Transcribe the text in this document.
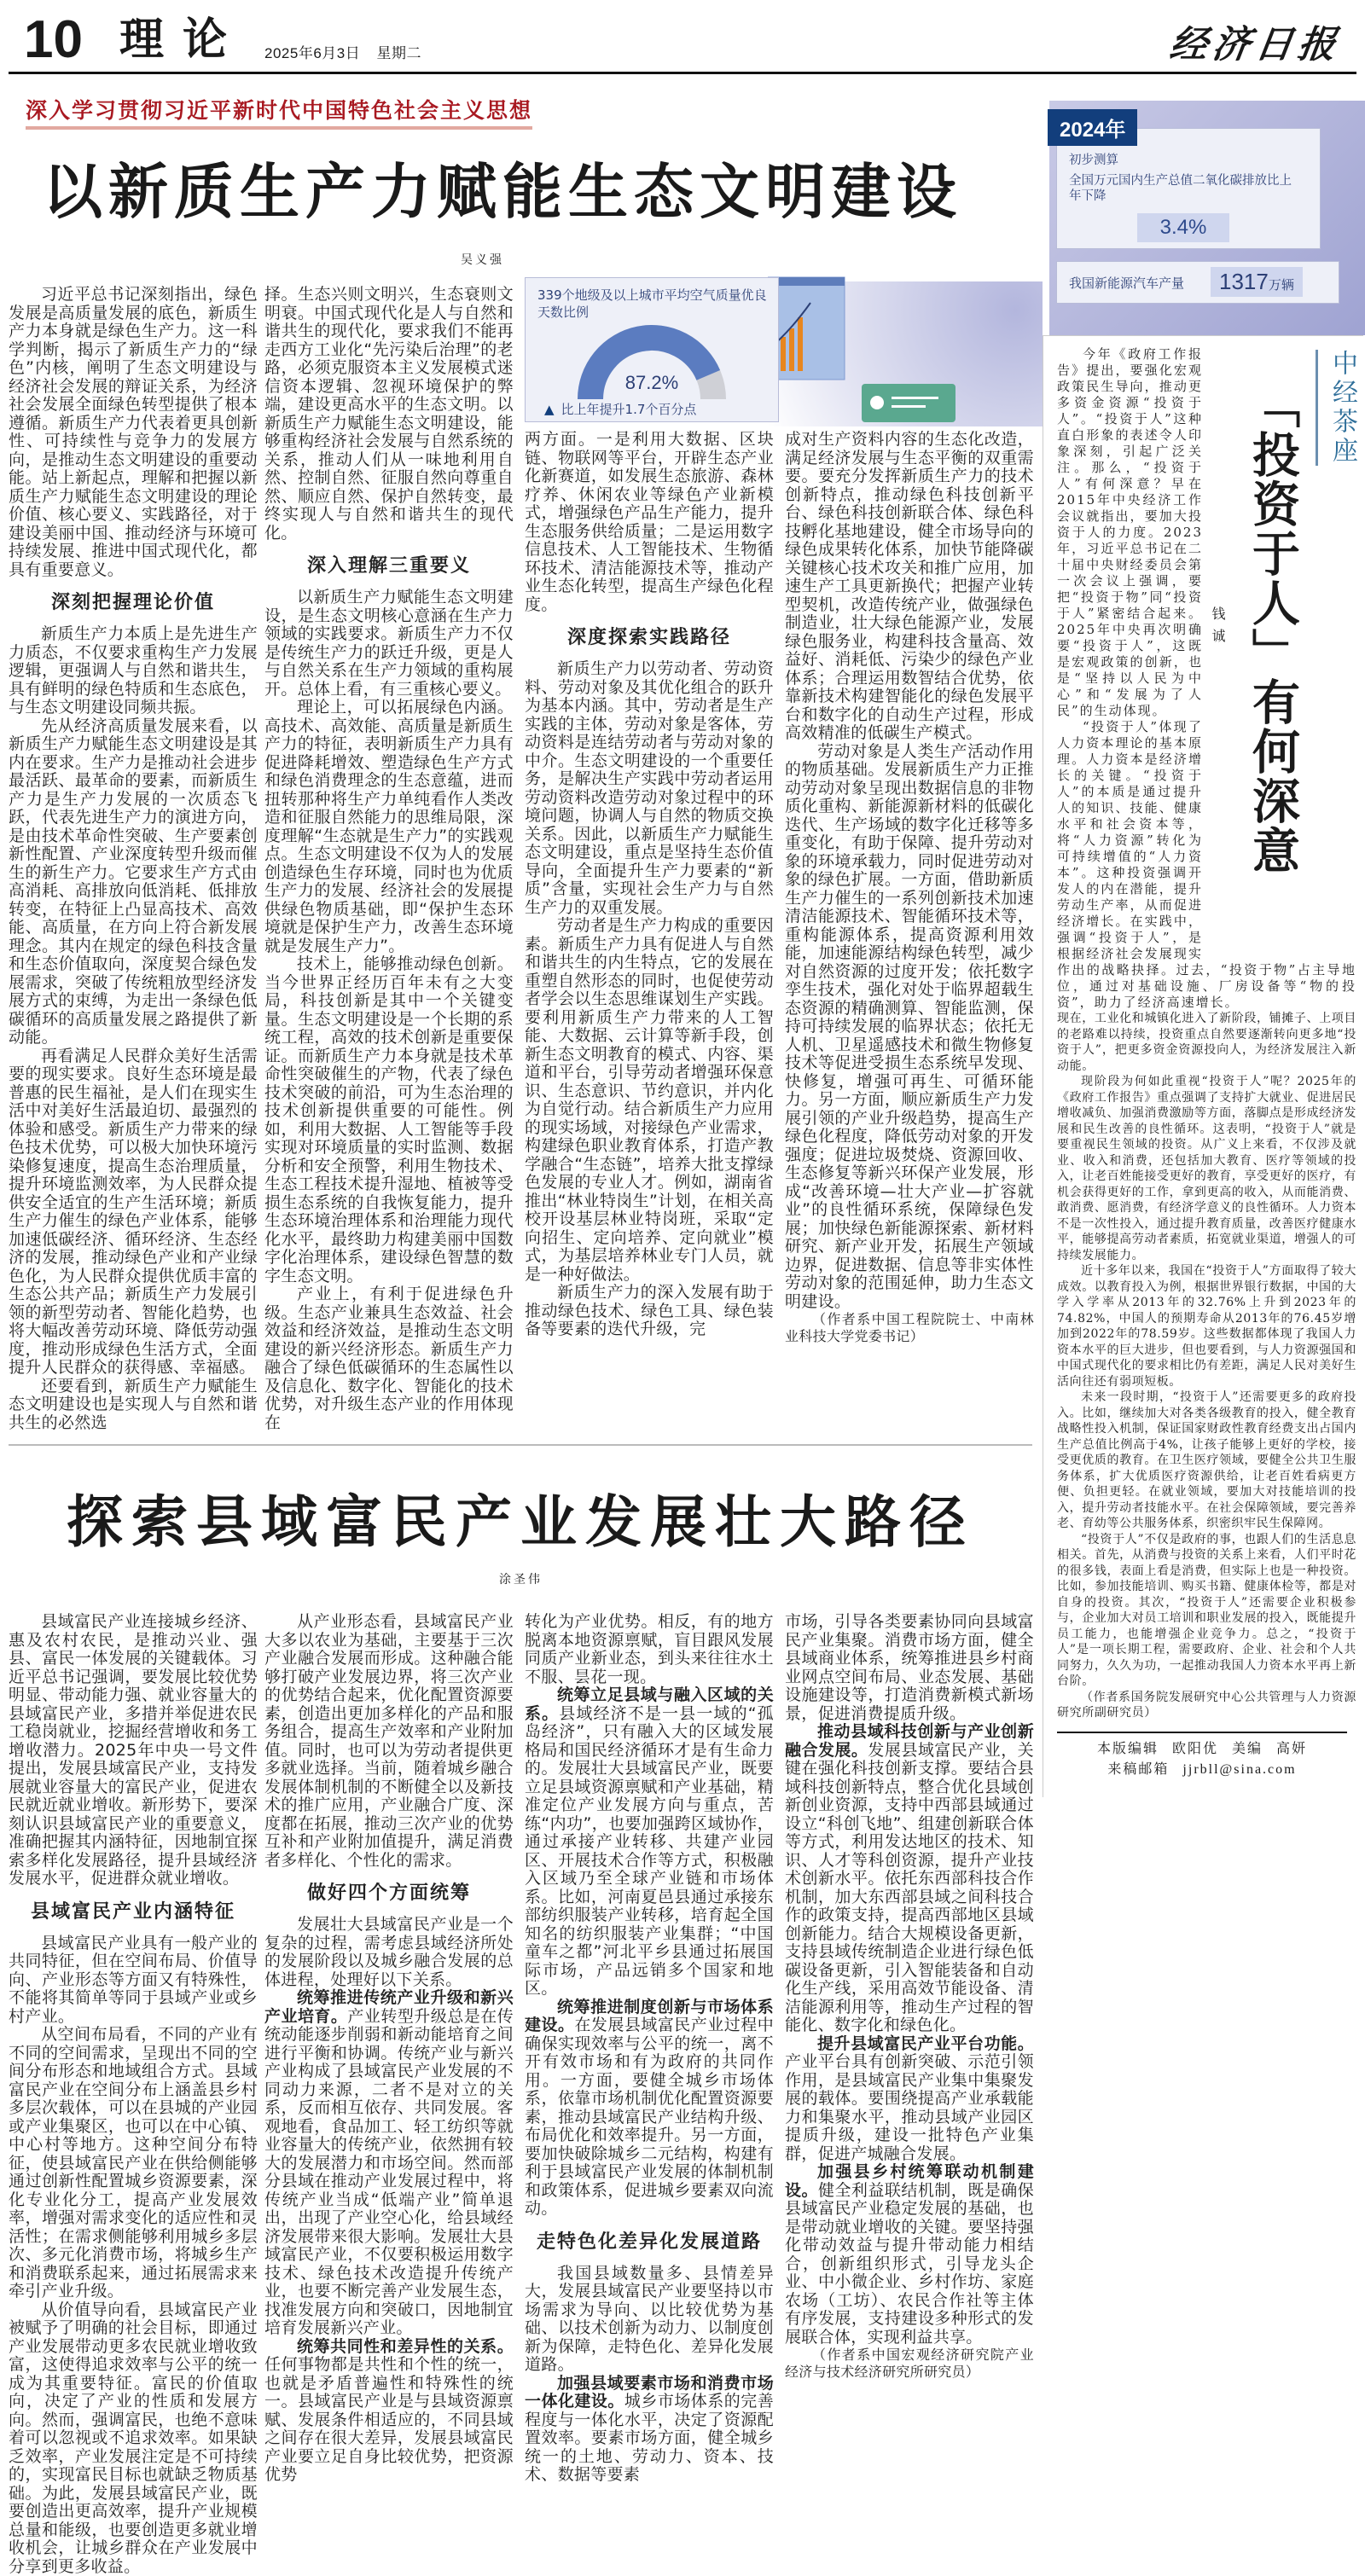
10 理论 2025年6月3日 星期二	经济日报
深入学习贯彻习近平新时代中国特色社会主义思想
以新质生产力赋能生态文明建设
吴义强
初步测算
全国万元国内生产总值二氧化碳排放比上年下降
2024年
3.4%
我国新能源汽车产量	1317万辆
339个地级及以上城市平均空气质量优良天数比例
87.2%
▲ 比上年提升1.7个百分点

习近平总书记深刻指出，绿色发展是高质量发展的底色，新质生产力本身就是绿色生产力。这一科学判断，揭示了新质生产力的“绿色”内核，阐明了生态文明建设与经济社会发展的辩证关系，为经济社会发展全面绿色转型提供了根本遵循。新质生产力代表着更具创新性、可持续性与竞争力的发展方向，是推动生态文明建设的重要动能。站上新起点，理解和把握以新质生产力赋能生态文明建设的理论价值、核心要义、实践路径，对于建设美丽中国、推动经济与环境可持续发展、推进中国式现代化，都具有重要意义。

深刻把握理论价值

新质生产力本质上是先进生产力质态，不仅要求重构生产力发展逻辑，更强调人与自然和谐共生，具有鲜明的绿色特质和生态底色，与生态文明建设同频共振。

先从经济高质量发展来看，以新质生产力赋能生态文明建设是其内在要求。生产力是推动社会进步最活跃、最革命的要素，而新质生产力是生产力发展的一次质态飞跃，代表先进生产力的演进方向，是由技术革命性突破、生产要素创新性配置、产业深度转型升级而催生的新生产力。它要求生产方式由高消耗、高排放向低消耗、低排放转变，在特征上凸显高技术、高效能、高质量，在方向上符合新发展理念。其内在规定的绿色科技含量和生态价值取向，深度契合绿色发展需求，突破了传统粗放型经济发展方式的束缚，为走出一条绿色低碳循环的高质量发展之路提供了新动能。

再看满足人民群众美好生活需要的现实要求。良好生态环境是最普惠的民生福祉，是人们在现实生活中对美好生活最迫切、最强烈的体验和感受。新质生产力带来的绿色技术优势，可以极大加快环境污染修复速度，提高生态治理质量，提升环境监测效率，为人民群众提供安全适宜的生产生活环境；新质生产力催生的绿色产业体系，能够加速低碳经济、循环经济、生态经济的发展，推动绿色产业和产业绿色化，为人民群众提供优质丰富的生态公共产品；新质生产力发展引领的新型劳动者、智能化趋势，也将大幅改善劳动环境、降低劳动强度，推动形成绿色生活方式，全面提升人民群众的获得感、幸福感。

还要看到，新质生产力赋能生态文明建设也是实现人与自然和谐共生的必然选

择。生态兴则文明兴，生态衰则文明衰。中国式现代化是人与自然和谐共生的现代化，要求我们不能再走西方工业化“先污染后治理”的老路，必须克服资本主义发展模式迷信资本逻辑、忽视环境保护的弊端，建设更高水平的生态文明。以新质生产力赋能生态文明建设，能够重构经济社会发展与自然系统的关系，推动人们从一味地利用自然、控制自然、征服自然向尊重自然、顺应自然、保护自然转变，最终实现人与自然和谐共生的现代化。

深入理解三重要义

以新质生产力赋能生态文明建设，是生态文明核心意涵在生产力领域的实践要求。新质生产力不仅是传统生产力的跃迁升级，更是人与自然关系在生产力领域的重构展开。总体上看，有三重核心要义。

理论上，可以拓展绿色内涵。高技术、高效能、高质量是新质生产力的特征，表明新质生产力具有促进降耗增效、塑造绿色生产方式和绿色消费理念的生态意蕴，进而扭转那种将生产力单纯看作人类改造和征服自然能力的思维局限，深度理解“生态就是生产力”的实践观点。生态文明建设不仅为人的发展创造绿色生存环境，同时也为优质生产力的发展、经济社会的发展提供绿色物质基础，即“保护生态环境就是保护生产力，改善生态环境就是发展生产力”。

技术上，能够推动绿色创新。当今世界正经历百年未有之大变局，科技创新是其中一个关键变量。生态文明建设是一个长期的系统工程，高效的技术创新是重要保证。而新质生产力本身就是技术革命性突破催生的产物，代表了绿色技术突破的前沿，可为生态治理的技术创新提供重要的可能性。例如，利用大数据、人工智能等手段实现对环境质量的实时监测、数据分析和安全预警，利用生物技术、生态工程技术提升湿地、植被等受损生态系统的自我恢复能力，提升生态环境治理体系和治理能力现代化水平，最终助力构建美丽中国数字化治理体系，建设绿色智慧的数字生态文明。

产业上，有利于促进绿色升级。生态产业兼具生态效益、社会效益和经济效益，是推动生态文明建设的新兴经济形态。新质生产力融合了绿色低碳循环的生态属性以及信息化、数字化、智能化的技术优势，对升级生态产业的作用体现在

两方面。一是利用大数据、区块链、物联网等平台，开辟生态产业化新赛道，如发展生态旅游、森林疗养、休闲农业等绿色产业新模式，增强绿色产品生产能力，提升生态服务供给质量；二是运用数字信息技术、人工智能技术、生物循环技术、清洁能源技术等，推动产业生态化转型，提高生产绿色化程度。

深度探索实践路径

新质生产力以劳动者、劳动资料、劳动对象及其优化组合的跃升为基本内涵。其中，劳动者是生产实践的主体，劳动对象是客体，劳动资料是连结劳动者与劳动对象的中介。生态文明建设的一个重要任务，是解决生产实践中劳动者运用劳动资料改造劳动对象过程中的环境问题，协调人与自然的物质交换关系。因此，以新质生产力赋能生态文明建设，重点是坚持生态价值导向，全面提升生产力要素的“新质”含量，实现社会生产力与自然生产力的双重发展。

劳动者是生产力构成的重要因素。新质生产力具有促进人与自然和谐共生的内生特点，它的发展在重塑自然形态的同时，也促使劳动者学会以生态思维谋划生产实践。要利用新质生产力带来的人工智能、大数据、云计算等新手段，创新生态文明教育的模式、内容、渠道和平台，引导劳动者增强环保意识、生态意识、节约意识，并内化为自觉行动。结合新质生产力应用的现实场域，对接绿色产业需求，构建绿色职业教育体系，打造产教学融合“生态链”，培养大批支撑绿色发展的专业人才。例如，湖南省推出“林业特岗生”计划，在相关高校开设基层林业特岗班，采取“定向招生、定向培养、定向就业”模式，为基层培养林业专门人员，就是一种好做法。

新质生产力的深入发展有助于推动绿色技术、绿色工具、绿色装备等要素的迭代升级，完

成对生产资料内容的生态化改造，满足经济发展与生态平衡的双重需要。要充分发挥新质生产力的技术创新特点，推动绿色科技创新平台、绿色科技创新联合体、绿色科技孵化基地建设，健全市场导向的绿色成果转化体系，加快节能降碳关键核心技术攻关和推广应用，加速生产工具更新换代；把握产业转型契机，改造传统产业，做强绿色制造业，壮大绿色能源产业，发展绿色服务业，构建科技含量高、效益好、消耗低、污染少的绿色产业体系；合理运用数智结合优势，依靠新技术构建智能化的绿色发展平台和数字化的自动生产过程，形成高效精准的低碳生产模式。

劳动对象是人类生产活动作用的物质基础。发展新质生产力正推动劳动对象呈现出数据信息的非物质化重构、新能源新材料的低碳化迭代、生产场域的数字化迁移等多重变化，有助于保障、提升劳动对象的环境承载力，同时促进劳动对象的绿色扩展。一方面，借助新质生产力催生的一系列创新技术加速清洁能源技术、智能循环技术等，重构能源体系，提高资源利用效能，加速能源结构绿色转型，减少对自然资源的过度开发；依托数字孪生技术，强化对处于临界超载生态资源的精确测算、智能监测，保持可持续发展的临界状态；依托无人机、卫星遥感技术和微生物修复技术等促进受损生态系统早发现、快修复，增强可再生、可循环能力。另一方面，顺应新质生产力发展引领的产业升级趋势，提高生产绿色化程度，降低劳动对象的开发强度；促进垃圾焚烧、资源回收、生态修复等新兴环保产业发展，形成“改善环境—壮大产业—扩容就业”的良性循环系统，保障绿色发展；加快绿色新能源探索、新材料研究、新产业开发，拓展生产领域边界，促进数据、信息等非实体性劳动对象的范围延伸，助力生态文明建设。

（作者系中国工程院院士、中南林业科技大学党委书记）

探索县域富民产业发展壮大路径
涂圣伟

县域富民产业连接城乡经济、惠及农村农民，是推动兴业、强县、富民一体发展的关键载体。习近平总书记强调，要发展比较优势明显、带动能力强、就业容量大的县域富民产业，多措并举促进农民工稳岗就业，挖掘经营增收和务工增收潜力。2025年中央一号文件提出，发展县域富民产业，支持发展就业容量大的富民产业，促进农民就近就业增收。新形势下，要深刻认识县域富民产业的重要意义，准确把握其内涵特征，因地制宜探索多样化发展路径，提升县域经济发展水平，促进群众就业增收。

县域富民产业内涵特征

县域富民产业具有一般产业的共同特征，但在空间布局、价值导向、产业形态等方面又有特殊性，不能将其简单等同于县域产业或乡村产业。

从空间布局看，不同的产业有不同的空间需求，呈现出不同的空间分布形态和地域组合方式。县域富民产业在空间分布上涵盖县乡村多层次载体，可以在县城的产业园或产业集聚区，也可以在中心镇、中心村等地方。这种空间分布特征，使县域富民产业在供给侧能够通过创新性配置城乡资源要素，深化专业化分工，提高产业发展效率，增强对需求变化的适应性和灵活性；在需求侧能够利用城乡多层次、多元化消费市场，将城乡生产和消费联系起来，通过拓展需求来牵引产业升级。

从价值导向看，县域富民产业被赋予了明确的社会目标，即通过产业发展带动更多农民就业增收致富，这使得追求效率与公平的统一成为其重要特征。富民的价值取向，决定了产业的性质和发展方向。然而，强调富民，也绝不意味着可以忽视或不追求效率。如果缺乏效率，产业发展注定是不可持续的，实现富民目标也就缺乏物质基础。为此，发展县域富民产业，既要创造出更高效率，提升产业规模总量和能级，也要创造更多就业增收机会，让城乡群众在产业发展中分享到更多收益。

从产业形态看，县域富民产业大多以农业为基础，主要基于三次产业融合发展而形成。这种融合能够打破产业发展边界，将三次产业的优势结合起来，优化配置资源要素，创造出更加多样化的产品和服务组合，提高生产效率和产业附加值。同时，也可以为劳动者提供更多就业选择。当前，随着城乡融合发展体制机制的不断健全以及新技术的推广应用，产业融合广度、深度都在拓展，推动三次产业的优势互补和产业附加值提升，满足消费者多样化、个性化的需求。

做好四个方面统筹

发展壮大县域富民产业是一个复杂的过程，需考虑县域经济所处的发展阶段以及城乡融合发展的总体进程，处理好以下关系。

统筹推进传统产业升级和新兴产业培育。产业转型升级总是在传统动能逐步削弱和新动能培育之间进行平衡和协调。传统产业与新兴产业构成了县域富民产业发展的不同动力来源，二者不是对立的关系，反而相互依存、共同发展。客观地看，食品加工、轻工纺织等就业容量大的传统产业，依然拥有较大的发展潜力和市场空间。然而部分县域在推动产业发展过程中，将传统产业当成“低端产业”简单退出，出现了产业空心化，给县域经济发展带来很大影响。发展壮大县域富民产业，不仅要积极运用数字技术、绿色技术改造提升传统产业，也要不断完善产业发展生态，找准发展方向和突破口，因地制宜培育发展新兴产业。

统筹共同性和差异性的关系。任何事物都是共性和个性的统一，也就是矛盾普遍性和特殊性的统一。县域富民产业是与县域资源禀赋、发展条件相适应的，不同县域之间存在很大差异，发展县域富民产业要立足自身比较优势，把资源优势

转化为产业优势。相反，有的地方脱离本地资源禀赋，盲目跟风发展同质产业新业态，到头来往往水土不服、昙花一现。

统筹立足县域与融入区域的关系。县域经济不是一县一域的“孤岛经济”，只有融入大的区域发展格局和国民经济循环才是有生命力的。发展壮大县域富民产业，既要立足县域资源禀赋和产业基础，精准定位产业发展方向与重点，苦练“内功”，也要加强跨区域协作，通过承接产业转移、共建产业园区、开展技术合作等方式，积极融入区域乃至全球产业链和市场体系。比如，河南夏邑县通过承接东部纺织服装产业转移，培育起全国知名的纺织服装产业集群；“中国童车之都”河北平乡县通过拓展国际市场，产品远销多个国家和地区。

统筹推进制度创新与市场体系建设。在发展县域富民产业过程中确保实现效率与公平的统一，离不开有效市场和有为政府的共同作用。一方面，要健全城乡市场体系，依靠市场机制优化配置资源要素，推动县域富民产业结构升级、布局优化和效率提升。另一方面，要加快破除城乡二元结构，构建有利于县域富民产业发展的体制机制和政策体系，促进城乡要素双向流动。

走特色化差异化发展道路

我国县域数量多、县情差异大，发展县域富民产业要坚持以市场需求为导向、以比较优势为基础、以技术创新为动力、以制度创新为保障，走特色化、差异化发展道路。

加强县域要素市场和消费市场一体化建设。城乡市场体系的完善程度与一体化水平，决定了资源配置效率。要素市场方面，健全城乡统一的土地、劳动力、资本、技术、数据等要素

市场，引导各类要素协同向县域富民产业集聚。消费市场方面，健全县域商业体系，统筹推进县乡村商业网点空间布局、业态发展、基础设施建设等，打造消费新模式新场景，促进消费提质升级。

推动县域科技创新与产业创新融合发展。发展县域富民产业，关键在强化科技创新支撑。要结合县域科技创新特点，整合优化县域创新创业资源，支持中西部县域通过设立“科创飞地”、组建创新联合体等方式，利用发达地区的技术、知识、人才等科创资源，提升产业技术创新水平。依托东西部科技合作机制，加大东西部县域之间科技合作的政策支持，提高西部地区县域创新能力。结合大规模设备更新，支持县域传统制造企业进行绿色低碳设备更新，引入智能装备和自动化生产线，采用高效节能设备、清洁能源利用等，推动生产过程的智能化、数字化和绿色化。

提升县域富民产业平台功能。产业平台具有创新突破、示范引领作用，是县域富民产业集中集聚发展的载体。要围绕提高产业承载能力和集聚水平，推动县域产业园区提质升级，建设一批特色产业集群，促进产城融合发展。

加强县乡村统筹联动机制建设。健全利益联结机制，既是确保县域富民产业稳定发展的基础，也是带动就业增收的关键。要坚持强化带动效益与提升带动能力相结合，创新组织形式，引导龙头企业、中小微企业、乡村作坊、家庭农场（工坊）、农民合作社等主体有序发展，支持建设多种形式的发展联合体，实现利益共享。

（作者系中国宏观经济研究院产业经济与技术经济研究所研究员）

中经茶座
「投资于人」有何深意
钱诚

今年《政府工作报告》提出，要强化宏观政策民生导向，推动更多资金资源“投资于人”。“投资于人”这种直白形象的表述令人印象深刻，引起广泛关注。那么，“投资于人”有何深意？早在2015年中央经济工作会议就指出，要加大投资于人的力度。2023年，习近平总书记在二十届中央财经委员会第一次会议上强调，要把“投资于物”同“投资于人”紧密结合起来。2025年中央再次明确要“投资于人”，这既是宏观政策的创新，也是“坚持以人民为中心”和“发展为了人民”的生动体现。

“投资于人”体现了人力资本理论的基本原理。人力资本是经济增长的关键。“投资于人”的本质是通过提升人的知识、技能、健康水平和社会资本等，将“人力资源”转化为可持续增值的“人力资本”。这种投资强调开发人的内在潜能，提升劳动生产率，从而促进经济增长。在实践中，强调“投资于人”，是根据经济社会发展现实作出的战略抉择。过去，“投资于物”占主导地位，通过对基础设施、厂房设备等“物的投资”，助力了经济高速增长。

现在，工业化和城镇化进入了新阶段，铺摊子、上项目的老路难以持续，投资重点自然要逐渐转向更多地“投资于人”，把更多资金资源投向人，为经济发展注入新动能。

现阶段为何如此重视“投资于人”呢？2025年的《政府工作报告》重点强调了支持扩大就业、促进居民增收减负、加强消费激励等方面，落脚点是形成经济发展和民生改善的良性循环。这表明，“投资于人”就是要重视民生领域的投资。从广义上来看，不仅涉及就业、收入和消费，还包括加大教育、医疗等领域的投入，让老百姓能接受更好的教育，享受更好的医疗，有机会获得更好的工作，拿到更高的收入，从而能消费、敢消费、愿消费，有经济学意义的良性循环。人力资本不是一次性投入，通过提升教育质量，改善医疗健康水平，能够提高劳动者素质，拓宽就业渠道，增强人的可持续发展能力。

近十多年以来，我国在“投资于人”方面取得了较大成效。以教育投入为例，根据世界银行数据，中国的大学入学率从2013年的32.76%上升到2023年的74.82%，中国人的预期寿命从2013年的76.45岁增加到2022年的78.59岁。这些数据都体现了我国人力资本水平的巨大进步，但也要看到，与人力资源强国和中国式现代化的要求相比仍有差距，满足人民对美好生活向往还有弱项短板。

未来一段时期，“投资于人”还需要更多的政府投入。比如，继续加大对各类各级教育的投入，健全教育战略性投入机制，保证国家财政性教育经费支出占国内生产总值比例高于4%，让孩子能够上更好的学校，接受更优质的教育。在卫生医疗领域，要健全公共卫生服务体系，扩大优质医疗资源供给，让老百姓看病更方便、负担更轻。在就业领域，要加大对技能培训的投入，提升劳动者技能水平。在社会保障领域，要完善养老、育幼等公共服务体系，织密织牢民生保障网。

“投资于人”不仅是政府的事，也跟人们的生活息息相关。首先，从消费与投资的关系上来看，人们平时花的很多钱，表面上看是消费，但实际上也是一种投资。比如，参加技能培训、购买书籍、健康体检等，都是对自身的投资。其次，“投资于人”还需要企业积极参与，企业加大对员工培训和职业发展的投入，既能提升员工能力，也能增强企业竞争力。总之，“投资于人”是一项长期工程，需要政府、企业、社会和个人共同努力，久久为功，一起推动我国人力资本水平再上新台阶。

（作者系国务院发展研究中心公共管理与人力资源研究所副研究员）

本版编辑 欧阳优 美编 高妍
来稿邮箱 jjrbll@sina.com
